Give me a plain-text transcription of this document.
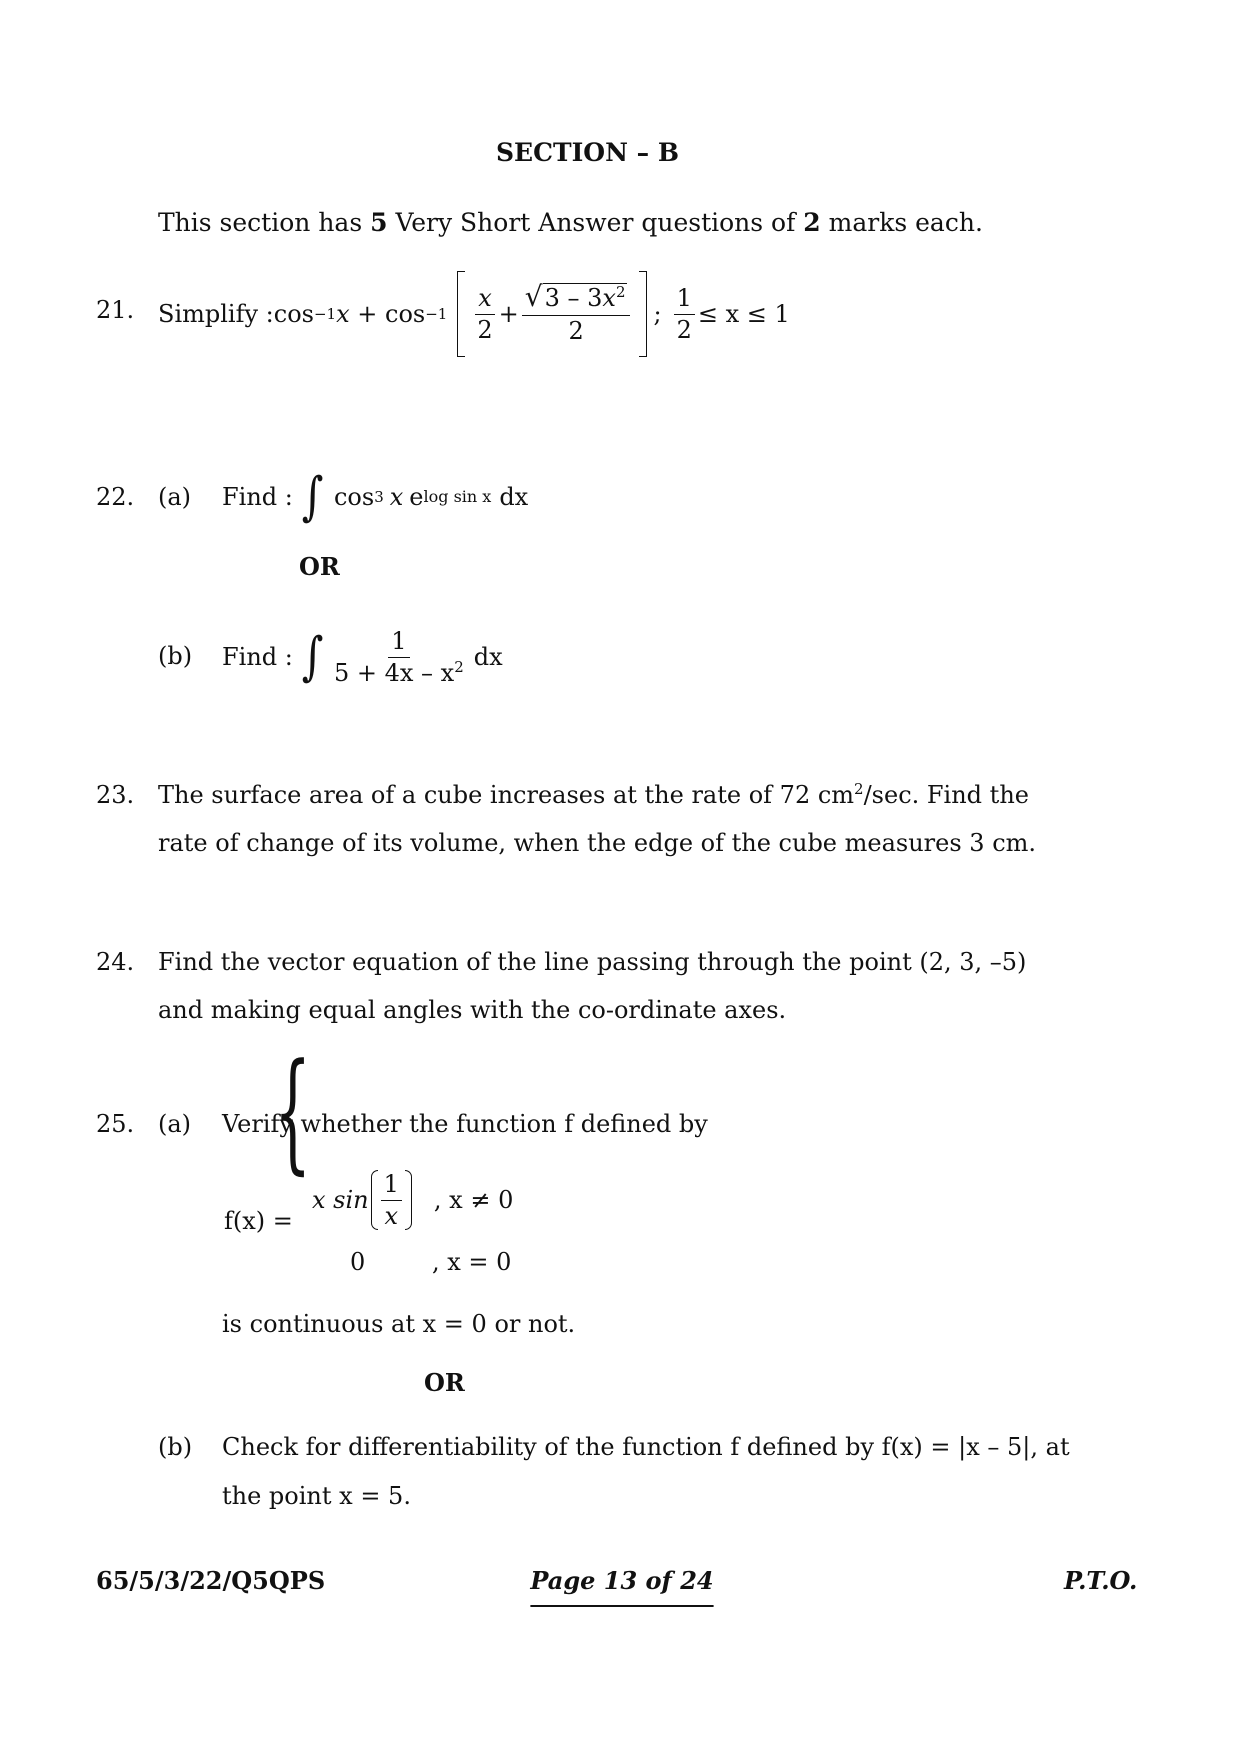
SECTION – B
This section has 5 Very Short Answer questions of 2 marks each.
21. Simplify : cos −1 $x + \cos -1 \frac{x}{2} + \frac{√ 3 - 3x^2}{2}$ ; $\frac{1}{2} \le x \le 1$
22. (a) Find : ∫ cos 3 x e log sin x dx
OR
(b) Find : ∫ $\frac{1}{5 + 4x - x^2}$ dx
23. The surface area of a cube increases at the rate of 72 $cm^2/\sec$. Find the
rate of change of its volume, when the edge of the cube measures 3 cm.
24. Find the vector equation of the line passing through the point (2, 3, –5)
and making equal angles with the co-ordinate axes.
25. (a) Verify whether the function f defined by
f(x) =
{
x $\sin \frac{1}{x}$ , x ≠ 0
0	, x = 0
is continuous at x = 0 or not.
OR
(b) Check for differentiability of the function f defined by f(x) = |x – 5|, at
the point x = 5.
65/5/3/22/Q5QPS	Page 13 of 24	P.T.O.
